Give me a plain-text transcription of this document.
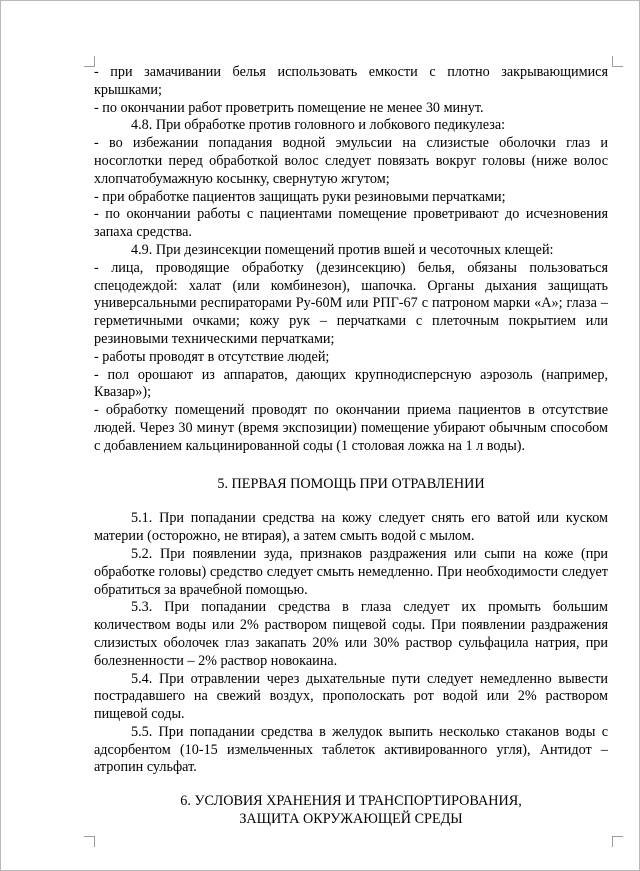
- при замачивании белья использовать емкости с плотно закрывающимися крышками;

- по окончании работ проветрить помещение не менее 30 минут.

4.8. При обработке против головного и лобкового педикулеза:

- во избежании попадания водной эмульсии на слизистые оболочки глаз и носоглотки перед обработкой волос следует повязать вокруг головы (ниже волос хлопчатобумажную косынку, свернутую жгутом;

- при обработке пациентов защищать руки резиновыми перчатками;

- по окончании работы с пациентами помещение проветривают до исчезновения запаха средства.

4.9. При дезинсекции помещений против вшей и чесоточных клещей:

- лица, проводящие обработку (дезинсекцию) белья, обязаны пользоваться спецодеждой: халат (или комбинезон), шапочка. Органы дыхания защищать универсальными респираторами Ру-60М или РПГ-67 с патроном марки «А»; глаза – герметичными очками; кожу рук – перчатками с плеточным покрытием или резиновыми техническими перчатками;

- работы проводят в отсутствие людей;

- пол орошают из аппаратов, дающих крупнодисперсную аэрозоль (например, Квазар»);

- обработку помещений проводят по окончании приема пациентов в отсутствие людей. Через 30 минут (время экспозиции) помещение убирают обычным способом с добавлением кальцинированной соды (1 столовая ложка на 1 л воды).

5. ПЕРВАЯ ПОМОЩЬ ПРИ ОТРАВЛЕНИИ

5.1. При попадании средства на кожу следует снять его ватой или куском материи (осторожно, не втирая), а затем смыть водой с мылом.

5.2. При появлении зуда, признаков раздражения или сыпи на коже (при обработке головы) средство следует смыть немедленно. При необходимости следует обратиться за врачебной помощью.

5.3. При попадании средства в глаза следует их промыть большим количеством воды или 2% раствором пищевой соды. При появлении раздражения слизистых оболочек глаз закапать 20% или 30% раствор сульфацила натрия, при болезненности – 2% раствор новокаина.

5.4. При отравлении через дыхательные пути следует немедленно вывести пострадавшего на свежий воздух, прополоскать рот водой или 2% раствором пищевой соды.

5.5. При попадании средства в желудок выпить несколько стаканов воды с адсорбентом (10-15 измельченных таблеток активированного угля), Антидот – атропин сульфат.

6. УСЛОВИЯ ХРАНЕНИЯ И ТРАНСПОРТИРОВАНИЯ,

ЗАЩИТА ОКРУЖАЮЩЕЙ СРЕДЫ
